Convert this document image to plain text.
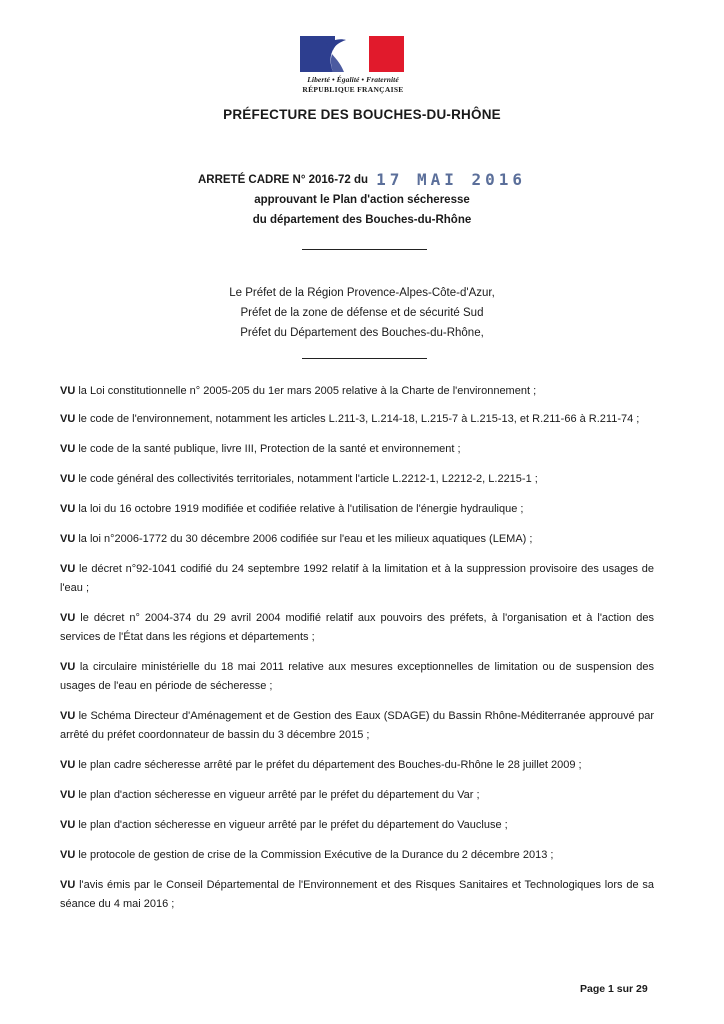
Liberté • Égalité • Fraternité
RÉPUBLIQUE FRANÇAISE
PRÉFECTURE DES BOUCHES-DU-RHÔNE
ARRETÉ CADRE N° 2016-72 du 17 MAI 2016
approuvant le Plan d'action sécheresse
du département des Bouches-du-Rhône
Le Préfet de la Région Provence-Alpes-Côte-d'Azur,
Préfet de la zone de défense et de sécurité Sud
Préfet du Département des Bouches-du-Rhône,

VU la Loi constitutionnelle n° 2005-205 du 1er mars 2005 relative à la Charte de l'environnement ;

VU le code de l'environnement, notamment les articles L.211-3, L.214-18, L.215-7 à L.215-13, et R.211-66 à R.211-74 ;

VU le code de la santé publique, livre III, Protection de la santé et environnement ;

VU le code général des collectivités territoriales, notamment l'article L.2212-1, L2212-2, L.2215-1 ;

VU la loi du 16 octobre 1919 modifiée et codifiée relative à l'utilisation de l'énergie hydraulique ;

VU la loi n°2006-1772 du 30 décembre 2006 codifiée sur l'eau et les milieux aquatiques (LEMA) ;

VU le décret n°92-1041 codifié du 24 septembre 1992 relatif à la limitation et à la suppression provisoire des usages de l'eau ;

VU le décret n° 2004-374 du 29 avril 2004 modifié relatif aux pouvoirs des préfets, à l'organisation et à l'action des services de l'État dans les régions et départements ;

VU la circulaire ministérielle du 18 mai 2011 relative aux mesures exceptionnelles de limitation ou de suspension des usages de l'eau en période de sécheresse ;

VU le Schéma Directeur d'Aménagement et de Gestion des Eaux (SDAGE) du Bassin Rhône-Méditerranée approuvé par arrêté du préfet coordonnateur de bassin du 3 décembre 2015 ;

VU le plan cadre sécheresse arrêté par le préfet du département des Bouches-du-Rhône le 28 juillet 2009 ;

VU le plan d'action sécheresse en vigueur arrêté par le préfet du département du Var ;

VU le plan d'action sécheresse en vigueur arrêté par le préfet du département do Vaucluse ;

VU le protocole de gestion de crise de la Commission Exécutive de la Durance du 2 décembre 2013 ;

VU l'avis émis par le Conseil Départemental de l'Environnement et des Risques Sanitaires et Technologiques lors de sa séance du 4 mai 2016 ;

Page 1 sur 29
